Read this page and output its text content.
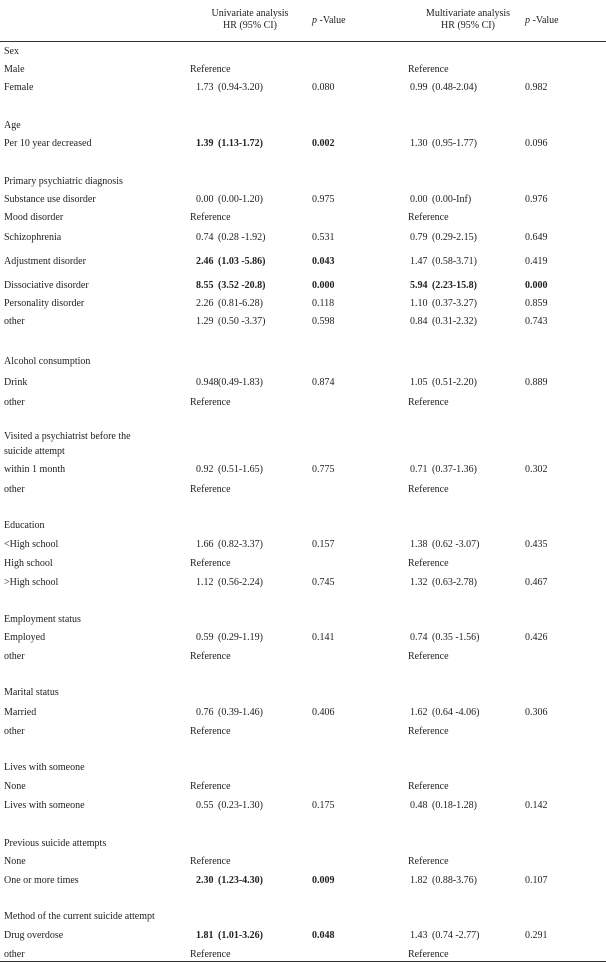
Univariate analysis
HR (95% CI)	p -Value
Multivariate analysis
HR (95% CI)	p -Value
Sex
Male	Reference	Reference
Female	1.73 (0.94-3.20)	0.080	0.99 (0.48-2.04)	0.982
Age
Per 10 year decreased	1.39 (1.13-1.72)	0.002	1.30 (0.95-1.77)	0.096
Primary psychiatric diagnosis
Substance use disorder	0.00 (0.00-1.20)	0.975	0.00 (0.00-Inf)	0.976
Mood disorder	Reference	Reference
Schizophrenia	0.74 (0.28 -1.92)	0.531	0.79 (0.29-2.15)	0.649
Adjustment disorder	2.46 (1.03 -5.86)	0.043	1.47 (0.58-3.71)	0.419
Dissociative disorder	8.55 (3.52 -20.8)	0.000	5.94 (2.23-15.8)	0.000
Personality disorder	2.26 (0.81-6.28)	0.118	1.10 (0.37-3.27)	0.859
other	1.29 (0.50 -3.37)	0.598	0.84 (0.31-2.32)	0.743
Alcohol consumption
Drink	0.948 (0.49-1.83)	0.874	1.05 (0.51-2.20)	0.889
other	Reference	Reference
Visited a psychiatrist before the
suicide attempt
within 1 month	0.92 (0.51-1.65)	0.775	0.71 (0.37-1.36)	0.302
other	Reference	Reference
Education
<High school	1.66 (0.82-3.37)	0.157	1.38 (0.62 -3.07)	0.435
High school	Reference	Reference
>High school	1.12 (0.56-2.24)	0.745	1.32 (0.63-2.78)	0.467
Employment status
Employed	0.59 (0.29-1.19)	0.141	0.74 (0.35 -1.56)	0.426
other	Reference	Reference
Marital status
Married	0.76 (0.39-1.46)	0.406	1.62 (0.64 -4.06)	0.306
other	Reference	Reference
Lives with someone
None	Reference	Reference
Lives with someone	0.55 (0.23-1.30)	0.175	0.48 (0.18-1.28)	0.142
Previous suicide attempts
None	Reference	Reference
One or more times	2.30 (1.23-4.30)	0.009	1.82 (0.88-3.76)	0.107
Method of the current suicide attempt
Drug overdose	1.81 (1.01-3.26)	0.048	1.43 (0.74 -2.77)	0.291
other	Reference	Reference
